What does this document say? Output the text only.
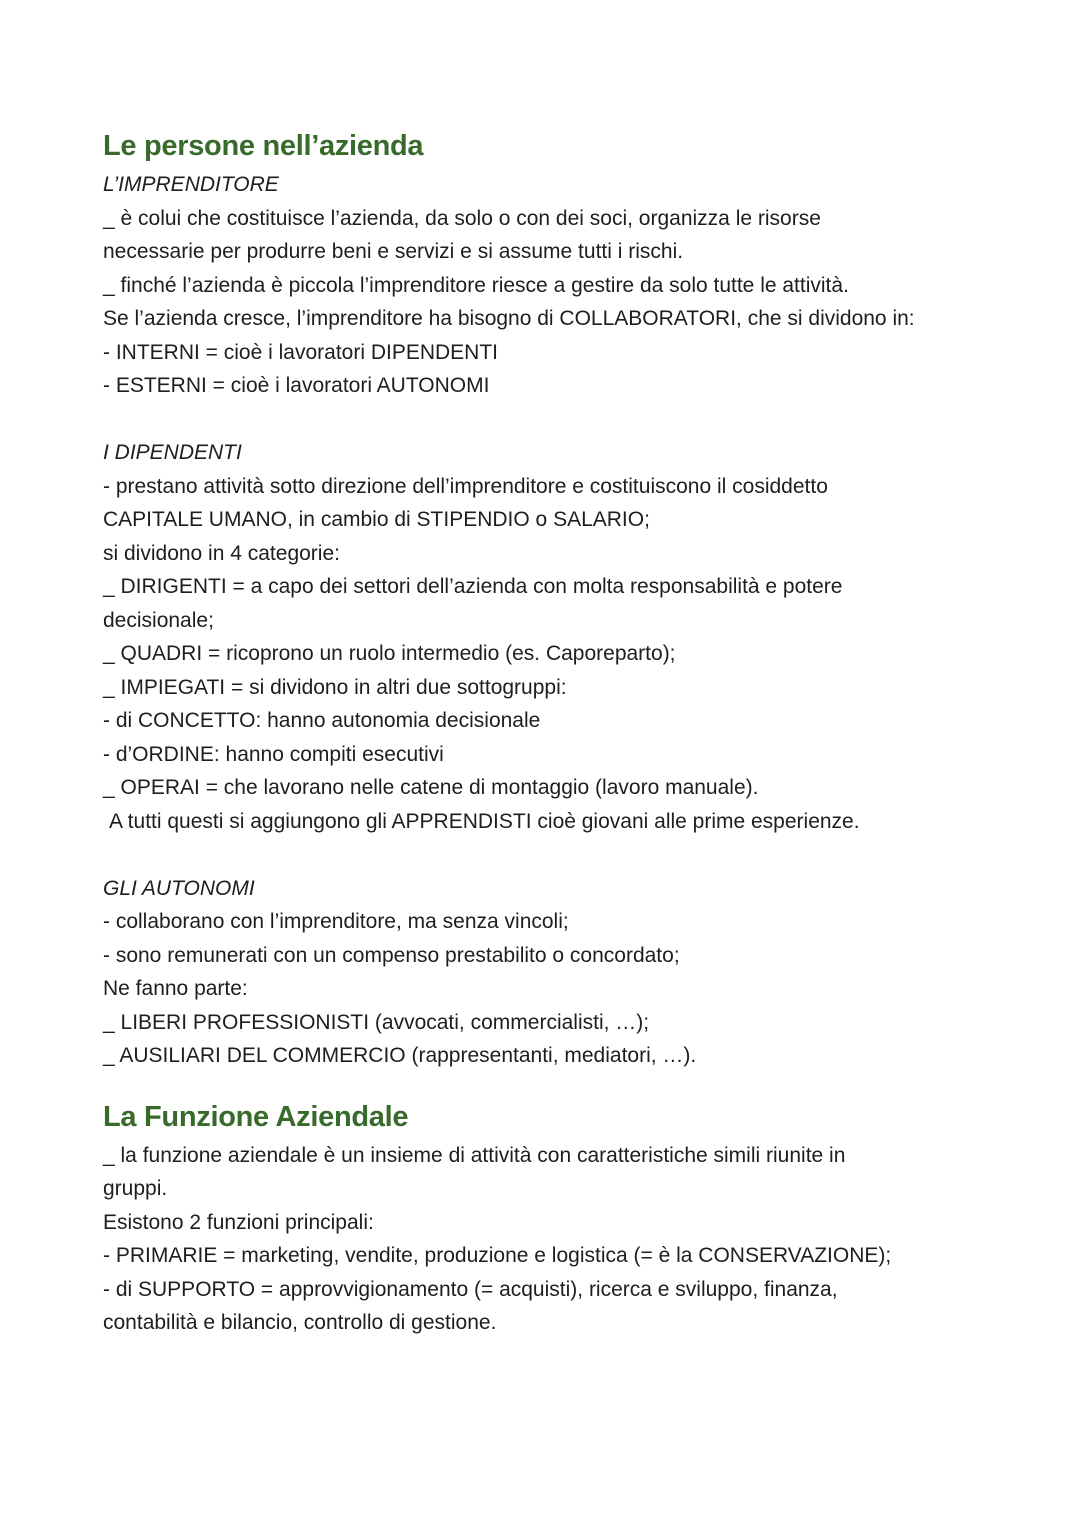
Le persone nell’azienda
L’IMPRENDITORE
_ è colui che costituisce l’azienda, da solo o con dei soci, organizza le risorse
necessarie per produrre beni e servizi e si assume tutti i rischi.
_ finché l’azienda è piccola l’imprenditore riesce a gestire da solo tutte le attività.
Se l’azienda cresce, l’imprenditore ha bisogno di COLLABORATORI, che si dividono in:
- INTERNI = cioè i lavoratori DIPENDENTI
- ESTERNI = cioè i lavoratori AUTONOMI
I DIPENDENTI
- prestano attività sotto direzione dell’imprenditore e costituiscono il cosiddetto
CAPITALE UMANO, in cambio di STIPENDIO o SALARIO;
si dividono in 4 categorie:
_ DIRIGENTI = a capo dei settori dell’azienda con molta responsabilità e potere
decisionale;
_ QUADRI = ricoprono un ruolo intermedio (es. Caporeparto);
_ IMPIEGATI = si dividono in altri due sottogruppi:
- di CONCETTO: hanno autonomia decisionale
- d’ORDINE: hanno compiti esecutivi
_ OPERAI = che lavorano nelle catene di montaggio (lavoro manuale).
A tutti questi si aggiungono gli APPRENDISTI cioè giovani alle prime esperienze.
GLI AUTONOMI
- collaborano con l’imprenditore, ma senza vincoli;
- sono remunerati con un compenso prestabilito o concordato;
Ne fanno parte:
_ LIBERI PROFESSIONISTI (avvocati, commercialisti, …);
_ AUSILIARI DEL COMMERCIO (rappresentanti, mediatori, …).
La Funzione Aziendale
_ la funzione aziendale è un insieme di attività con caratteristiche simili riunite in
gruppi.
Esistono 2 funzioni principali:
- PRIMARIE = marketing, vendite, produzione e logistica (= è la CONSERVAZIONE);
- di SUPPORTO = approvvigionamento (= acquisti), ricerca e sviluppo, finanza,
contabilità e bilancio, controllo di gestione.
